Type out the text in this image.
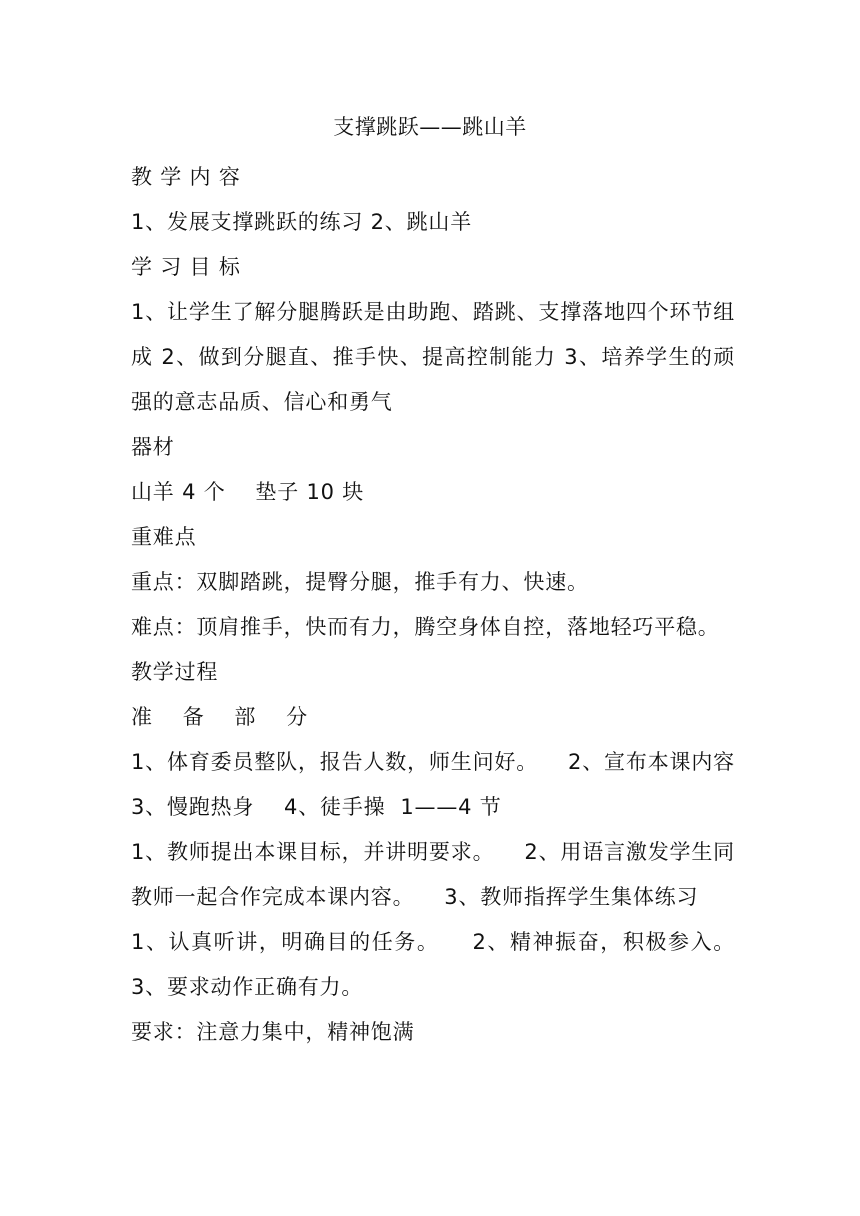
支撑跳跃——跳山羊

教 学 内 容

1、发展支撑跳跃的练习 2、跳山羊

学 习 目 标

1、让学生了解分腿腾跃是由助跑、踏跳、支撑落地四个环节组成 2、做到分腿直、推手快、提高控制能力 3、培养学生的顽强的意志品质、信心和勇气

器材

山羊 4 个    垫子 10 块

重难点

重点：双脚踏跳，提臀分腿，推手有力、快速。

难点：顶肩推手，快而有力，腾空身体自控，落地轻巧平稳。

教学过程

准    备    部    分

1、体育委员整队，报告人数，师生问好。    2、宣布本课内容    3、慢跑热身    4、徒手操  1——4 节

1、教师提出本课目标，并讲明要求。    2、用语言激发学生同教师一起合作完成本课内容。    3、教师指挥学生集体练习

1、认真听讲，明确目的任务。    2、精神振奋，积极参入。    3、要求动作正确有力。

要求：注意力集中，精神饱满
